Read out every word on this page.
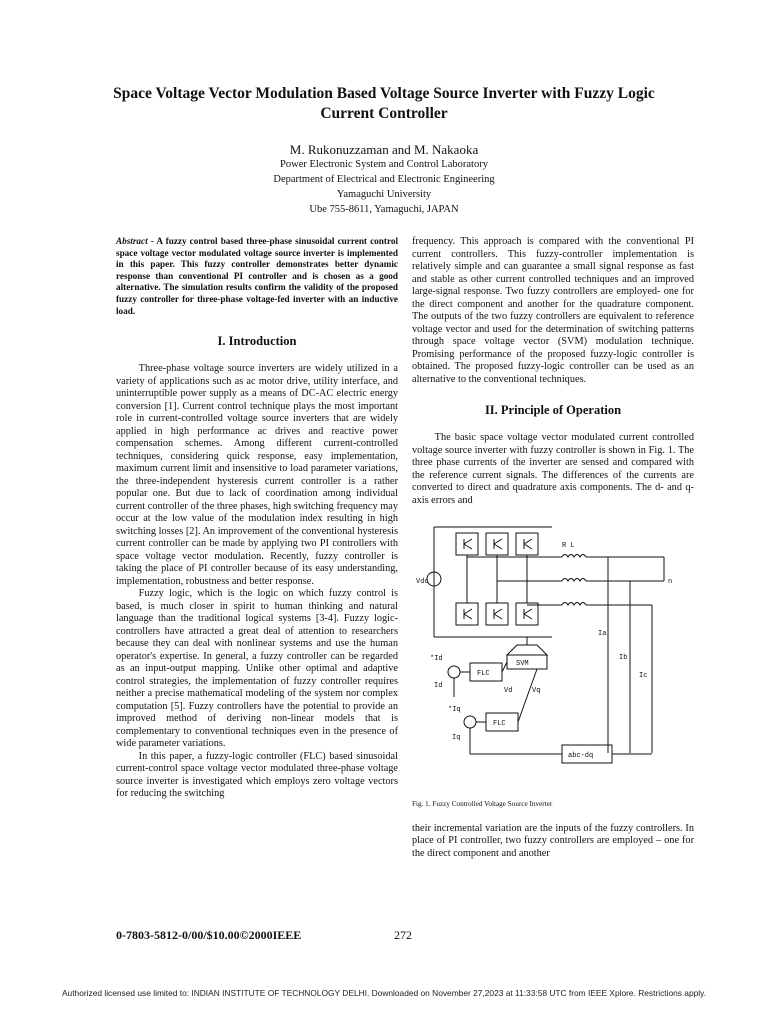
Space Voltage Vector Modulation Based Voltage Source Inverter with Fuzzy Logic Current Controller
M. Rukonuzzaman and M. Nakaoka
Power Electronic System and Control Laboratory
Department of Electrical and Electronic Engineering
Yamaguchi University
Ube 755-8611, Yamaguchi, JAPAN

Abstract - A fuzzy control based three-phase sinusoidal current control space voltage vector modulated voltage source inverter is implemented in this paper. This fuzzy controller demonstrates better dynamic response than conventional PI controller and is chosen as a good alternative. The simulation results confirm the validity of the proposed fuzzy controller for three-phase voltage-fed inverter with an inductive load.

I. Introduction

Three-phase voltage source inverters are widely utilized in a variety of applications such as ac motor drive, utility interface, and uninterruptible power supply as a means of DC-AC electric energy conversion [1]. Current control technique plays the most important role in current-controlled voltage source inverters that are widely applied in high performance ac drives and reactive power compensation schemes. Among different current-controlled techniques, considering quick response, easy implementation, maximum current limit and insensitive to load parameter variations, the three-independent hysteresis current controller is a rather popular one. But due to lack of coordination among individual current controller of the three phases, high switching frequency may occur at the low value of the modulation index resulting in high switching losses [2]. An improvement of the conventional hysteresis current controller can be made by applying two PI controllers with space voltage vector modulation. Recently, fuzzy controller is taking the place of PI controller because of its easy understanding, implementation, robustness and better response.

Fuzzy logic, which is the logic on which fuzzy control is based, is much closer in spirit to human thinking and natural language than the traditional logical systems [3-4]. Fuzzy logic-controllers have attracted a great deal of attention to researchers because they can deal with nonlinear systems and use the human operator's expertise. In general, a fuzzy controller can be regarded as an input-output mapping. Unlike other optimal and adaptive control strategies, the implementation of fuzzy controller requires neither a precise mathematical modeling of the system nor complex computation [5]. Fuzzy controllers have the potential to provide an improved method of deriving non-linear models that is complementary to conventional techniques even in the presence of wide parameter variations.

In this paper, a fuzzy-logic controller (FLC) based sinusoidal current-control space voltage vector modulated three-phase voltage source inverter is investigated which employs zero voltage vectors for reducing the switching

frequency. This approach is compared with the conventional PI current controllers. This fuzzy-controller implementation is relatively simple and can guarantee a small signal response as fast and stable as other current controlled techniques and an improved large-signal response. Two fuzzy controllers are employed- one for the direct component and another for the quadrature component. The outputs of the two fuzzy controllers are equivalent to reference voltage vector and used for the determination of switching patterns through space voltage vector (SVM) modulation technique. Promising performance of the proposed fuzzy-logic controller is obtained. The proposed fuzzy-logic controller can be used as an alternative to the conventional techniques.

II. Principle of Operation

The basic space voltage vector modulated current controlled voltage source inverter with fuzzy controller is shown in Fig. 1. The three phase currents of the inverter are sensed and compared with the reference current signals. The differences of the currents are converted to direct and quadrature axis components. The d- and q- axis errors and

Vdc
R L
n
Ia
Ib
Ic
SVM
FLC
FLC
Vd	Vq
*Id
Id
*Iq
Iq
abc-dq

Fig. 1. Fuzzy Controlled Voltage Source Inverter

their incremental variation are the inputs of the fuzzy controllers. In place of PI controller, two fuzzy controllers are employed – one for the direct component and another

0-7803-5812-0/00/$10.00©2000IEEE	272
Authorized licensed use limited to: INDIAN INSTITUTE OF TECHNOLOGY DELHI. Downloaded on November 27,2023 at 11:33:58 UTC from IEEE Xplore. Restrictions apply.
